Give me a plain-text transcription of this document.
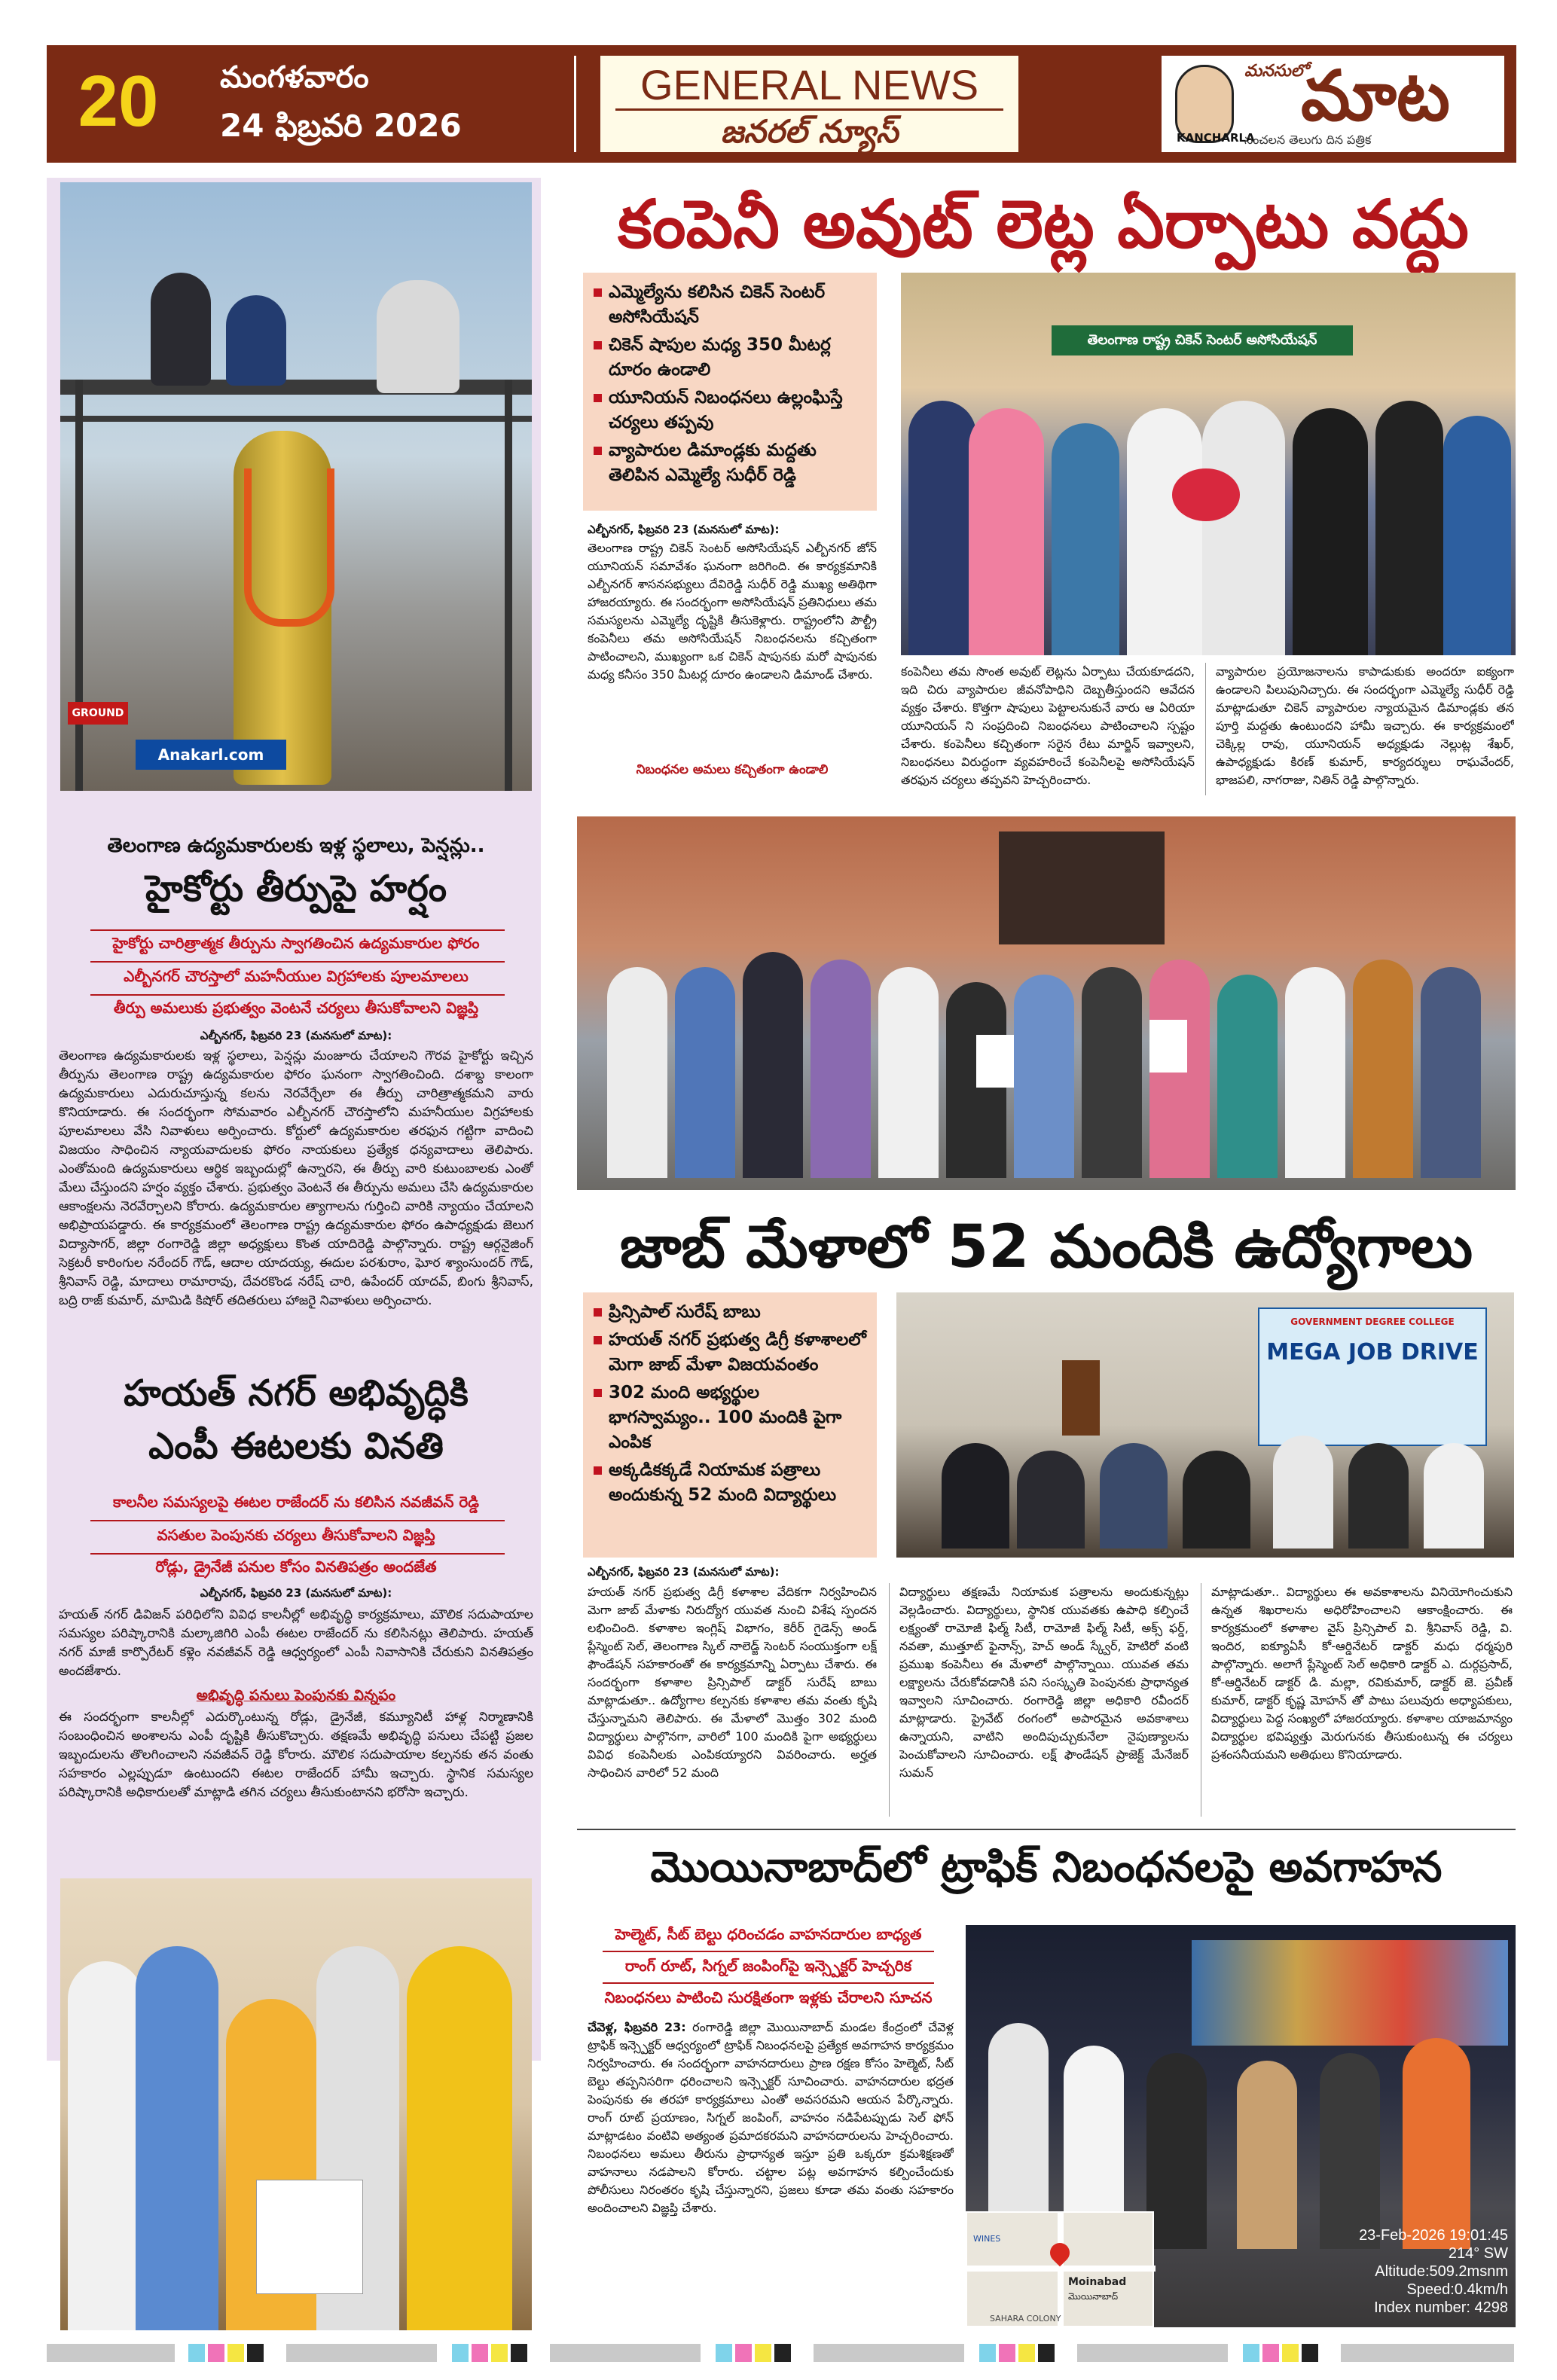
20	మంగళవారం
24 ఫిబ్రవరి 2026
GENERAL NEWS
జనరల్ న్యూస్
మనసులో
మాట
KANCHARLA
సంచలన తెలుగు దిన పత్రిక
Anakarl.com
GROUND
తెలంగాణ ఉద్యమకారులకు ఇళ్ల స్థలాలు, పెన్షన్లు..
హైకోర్టు తీర్పుపై హర్షం
హైకోర్టు చారిత్రాత్మక తీర్పును స్వాగతించిన ఉద్యమకారుల ఫోరం
ఎల్బీనగర్ చౌరస్తాలో మహనీయుల విగ్రహాలకు పూలమాలలు
తీర్పు అమలుకు ప్రభుత్వం వెంటనే చర్యలు తీసుకోవాలని విజ్ఞప్తి
ఎల్బీనగర్, ఫిబ్రవరి 23 (మనసులో మాట):
తెలంగాణ ఉద్యమకారులకు ఇళ్ల స్థలాలు, పెన్షన్లు మంజూరు చేయాలని గౌరవ హైకోర్టు ఇచ్చిన తీర్పును తెలంగాణ రాష్ట్ర ఉద్యమకారుల ఫోరం ఘనంగా స్వాగతించింది. దశాబ్ద కాలంగా ఉద్యమకారులు ఎదురుచూస్తున్న కలను నెరవేర్చేలా ఈ తీర్పు చారిత్రాత్మకమని వారు కొనియాడారు. ఈ సందర్భంగా సోమవారం ఎల్బీనగర్ చౌరస్తాలోని మహనీయుల విగ్రహాలకు పూలమాలలు వేసి నివాళులు అర్పించారు. కోర్టులో ఉద్యమకారుల తరఫున గట్టిగా వాదించి విజయం సాధించిన న్యాయవాదులకు ఫోరం నాయకులు ప్రత్యేక ధన్యవాదాలు తెలిపారు. ఎంతోమంది ఉద్యమకారులు ఆర్థిక ఇబ్బందుల్లో ఉన్నారని, ఈ తీర్పు వారి కుటుంబాలకు ఎంతో మేలు చేస్తుందని హర్షం వ్యక్తం చేశారు. ప్రభుత్వం వెంటనే ఈ తీర్పును అమలు చేసి ఉద్యమకారుల ఆకాంక్షలను నెరవేర్చాలని కోరారు. ఉద్యమకారుల త్యాగాలను గుర్తించి వారికి న్యాయం చేయాలని అభిప్రాయపడ్డారు. ఈ కార్యక్రమంలో తెలంగాణ రాష్ట్ర ఉద్యమకారుల ఫోరం ఉపాధ్యక్షుడు జెలుగ విద్యాసాగర్, జిల్లా రంగారెడ్డి జిల్లా అధ్యక్షులు కొంత యాదిరెడ్డి పాల్గొన్నారు. రాష్ట్ర ఆర్గనైజింగ్ సెక్రటరీ కారింగుల నరేందర్ గౌడ్, ఆదాల యాదయ్య, ఈదుల పరశురాం, ఘోర శ్యాంసుందర్ గౌడ్, శ్రీనివాస్ రెడ్డి, మాదాలు రామారావు, దేవరకొండ నరేష్ చారి, ఉపేందర్ యాదవ్, బింగు శ్రీనివాస్, బద్రి రాజ్ కుమార్, మామిడి కిషోర్ తదితరులు హాజరై నివాళులు అర్పించారు.
హయత్ నగర్ అభివృద్ధికి
ఎంపీ ఈటలకు వినతి
కాలనీల సమస్యలపై ఈటల రాజేందర్ ను కలిసిన నవజీవన్ రెడ్డి
వసతుల పెంపునకు చర్యలు తీసుకోవాలని విజ్ఞప్తి
రోడ్లు, డ్రైనేజీ పనుల కోసం వినతిపత్రం అందజేత
ఎల్బీనగర్, ఫిబ్రవరి 23 (మనసులో మాట):
హయత్ నగర్ డివిజన్ పరిధిలోని వివిధ కాలనీల్లో అభివృద్ధి కార్యక్రమాలు, మౌలిక సదుపాయాల సమస్యల పరిష్కారానికి మల్కాజిగిరి ఎంపీ ఈటల రాజేందర్ ను కలిసినట్లు తెలిపారు. హయత్ నగర్ మాజీ కార్పొరేటర్ కళ్లెం నవజీవన్ రెడ్డి ఆధ్వర్యంలో ఎంపీ నివాసానికి చేరుకుని వినతిపత్రం అందజేశారు.
అభివృద్ధి పనులు పెంపునకు విన్నపం
ఈ సందర్భంగా కాలనీల్లో ఎదుర్కొంటున్న రోడ్లు, డ్రైనేజీ, కమ్యూనిటీ హాళ్ల నిర్మాణానికి సంబంధించిన అంశాలను ఎంపీ దృష్టికి తీసుకొచ్చారు. తక్షణమే అభివృద్ధి పనులు చేపట్టి ప్రజల ఇబ్బందులను తొలగించాలని నవజీవన్ రెడ్డి కోరారు. మౌలిక సదుపాయాల కల్పనకు తన వంతు సహకారం ఎల్లప్పుడూ ఉంటుందని ఈటల రాజేందర్ హామీ ఇచ్చారు. స్థానిక సమస్యల పరిష్కారానికి అధికారులతో మాట్లాడి తగిన చర్యలు తీసుకుంటానని భరోసా ఇచ్చారు.
కంపెనీ అవుట్ లెట్ల ఏర్పాటు వద్దు
ఎమ్మెల్యేను కలిసిన చికెన్ సెంటర్ అసోసియేషన్
చికెన్ షాపుల మధ్య 350 మీటర్ల దూరం ఉండాలి
యూనియన్ నిబంధనలు ఉల్లంఘిస్తే చర్యలు తప్పవు
వ్యాపారుల డిమాండ్లకు మద్దతు తెలిపిన ఎమ్మెల్యే సుధీర్ రెడ్డి
తెలంగాణ రాష్ట్ర చికెన్ సెంటర్ అసోసియేషన్
ఎల్బీనగర్, ఫిబ్రవరి 23 (మనసులో మాట):
తెలంగాణ రాష్ట్ర చికెన్ సెంటర్ అసోసియేషన్ ఎల్బీనగర్ జోన్ యూనియన్ సమావేశం ఘనంగా జరిగింది. ఈ కార్యక్రమానికి ఎల్బీనగర్ శాసనసభ్యులు దేవిరెడ్డి సుధీర్ రెడ్డి ముఖ్య అతిథిగా హాజరయ్యారు. ఈ సందర్భంగా అసోసియేషన్ ప్రతినిధులు తమ సమస్యలను ఎమ్మెల్యే దృష్టికి తీసుకెళ్లారు. రాష్ట్రంలోని పౌల్ట్రీ కంపెనీలు తమ అసోసియేషన్ నిబంధనలను కచ్చితంగా పాటించాలని, ముఖ్యంగా ఒక చికెన్ షాపునకు మరో షాపునకు మధ్య కనీసం 350 మీటర్ల దూరం ఉండాలని డిమాండ్ చేశారు.
నిబంధనల అమలు కచ్చితంగా ఉండాలి
కంపెనీలు తమ సొంత అవుట్ లెట్లను ఏర్పాటు చేయకూడదని, ఇది చిరు వ్యాపారుల జీవనోపాధిని దెబ్బతీస్తుందని ఆవేదన వ్యక్తం చేశారు. కొత్తగా షాపులు పెట్టాలనుకునే వారు ఆ ఏరియా యూనియన్ ని సంప్రదించి నిబంధనలు పాటించాలని స్పష్టం చేశారు. కంపెనీలు కచ్చితంగా సరైన రేటు మార్జిన్ ఇవ్వాలని, నిబంధనలు విరుద్ధంగా వ్యవహరించే కంపెనీలపై అసోసియేషన్ తరఫున చర్యలు తప్పవని హెచ్చరించారు.
వ్యాపారుల ప్రయోజనాలను కాపాడుకుకు అందరూ ఐక్యంగా ఉండాలని పిలుపునిచ్చారు. ఈ సందర్భంగా ఎమ్మెల్యే సుధీర్ రెడ్డి మాట్లాడుతూ చికెన్ వ్యాపారుల న్యాయమైన డిమాండ్లకు తన పూర్తి మద్దతు ఉంటుందని హామీ ఇచ్చారు. ఈ కార్యక్రమంలో చెక్కిల్ల రావు, యూనియన్ అధ్యక్షుడు నెల్లుట్ల శేఖర్, ఉపాధ్యక్షుడు కిరణ్ కుమార్, కార్యదర్శులు రాఘవేందర్, భాజపలి, నాగరాజు, నితిన్ రెడ్డి పాల్గొన్నారు.
జాబ్ మేళాలో 52 మందికి ఉద్యోగాలు
ప్రిన్సిపాల్ సురేష్ బాబు
హయత్ నగర్ ప్రభుత్వ డిగ్రీ కళాశాలలో మెగా జాబ్ మేళా విజయవంతం
302 మంది అభ్యర్థుల భాగస్వామ్యం.. 100 మందికి పైగా ఎంపిక
అక్కడికక్కడే నియామక పత్రాలు అందుకున్న 52 మంది విద్యార్థులు
GOVERNMENT DEGREE COLLEGE
MEGA JOB DRIVE
ఎల్బీనగర్, ఫిబ్రవరి 23 (మనసులో మాట):
హయత్ నగర్ ప్రభుత్వ డిగ్రీ కళాశాల వేదికగా నిర్వహించిన మెగా జాబ్ మేళాకు నిరుద్యోగ యువత నుంచి విశేష స్పందన లభించింది. కళాశాల ఇంగ్లిష్ విభాగం, కెరీర్ గైడెన్స్ అండ్ ప్లేస్మెంట్ సెల్, తెలంగాణ స్కిల్ నాలెడ్జ్ సెంటర్ సంయుక్తంగా లక్ష్ ఫౌండేషన్ సహకారంతో ఈ కార్యక్రమాన్ని ఏర్పాటు చేశారు. ఈ సందర్భంగా కళాశాల ప్రిన్సిపాల్ డాక్టర్ సురేష్ బాబు మాట్లాడుతూ.. ఉద్యోగాల కల్పనకు కళాశాల తమ వంతు కృషి చేస్తున్నామని తెలిపారు. ఈ మేళాలో మొత్తం 302 మంది విద్యార్థులు పాల్గొనగా, వారిలో 100 మందికి పైగా అభ్యర్థులు వివిధ కంపెనీలకు ఎంపికయ్యారని వివరించారు. అర్హత సాధించిన వారిలో 52 మంది
విద్యార్థులు తక్షణమే నియామక పత్రాలను అందుకున్నట్లు వెల్లడించారు. విద్యార్థులు, స్థానిక యువతకు ఉపాధి కల్పించే లక్ష్యంతో రామోజీ ఫిల్మ్ సిటీ, రామోజీ ఫిల్మ్ సిటీ, అక్స్ ఫర్డ్, నవతా, ముత్తూట్ ఫైనాన్స్, హెచ్ అండ్ స్క్వేర్, హెటిరో వంటి ప్రముఖ కంపెనీలు ఈ మేళాలో పాల్గొన్నాయి. యువత తమ లక్ష్యాలను చేరుకోవడానికి పని సంస్కృతి పెంపునకు ప్రాధాన్యత ఇవ్వాలని సూచించారు. రంగారెడ్డి జిల్లా అధికారి రవీందర్ మాట్లాడారు. ప్రైవేట్ రంగంలో అపారమైన అవకాశాలు ఉన్నాయని, వాటిని అందిపుచ్చుకునేలా నైపుణ్యాలను పెంచుకోవాలని సూచించారు. లక్ష్ ఫౌండేషన్ ప్రాజెక్ట్ మేనేజర్ సుమన్
మాట్లాడుతూ.. విద్యార్థులు ఈ అవకాశాలను వినియోగించుకుని ఉన్నత శిఖరాలను అధిరోహించాలని ఆకాంక్షించారు. ఈ కార్యక్రమంలో కళాశాల వైస్ ప్రిన్సిపాల్ వి. శ్రీనివాస్ రెడ్డి, వి. ఇందిర, ఐక్యూఏసీ కో-ఆర్డినేటర్ డాక్టర్ మధు ధర్మపురి పాల్గొన్నారు. అలాగే ప్లేస్మెంట్ సెల్ అధికారి డాక్టర్ ఎ. దుర్గప్రసాద్, కో-ఆర్డినేటర్ డాక్టర్ డి. మల్లా, రవికుమార్, డాక్టర్ జె. ప్రవీణ్ కుమార్, డాక్టర్ కృష్ణ మోహన్ తో పాటు పలువురు అధ్యాపకులు, విద్యార్థులు పెద్ద సంఖ్యలో హాజరయ్యారు. కళాశాల యాజమాన్యం విద్యార్థుల భవిష్యత్తు మెరుగునకు తీసుకుంటున్న ఈ చర్యలు ప్రశంసనీయమని అతిథులు కొనియాడారు.
మొయినాబాద్‌లో ట్రాఫిక్ నిబంధనలపై అవగాహన
హెల్మెట్, సీట్ బెల్టు ధరించడం వాహనదారుల బాధ్యత
రాంగ్ రూట్, సిగ్నల్ జంపింగ్‌పై ఇన్స్పెక్టర్ హెచ్చరిక
నిబంధనలు పాటించి సురక్షితంగా ఇళ్లకు చేరాలని సూచన
చేవెళ్ల, ఫిబ్రవరి 23: రంగారెడ్డి జిల్లా మొయినాబాద్ మండల కేంద్రంలో చేవెళ్ల ట్రాఫిక్ ఇన్స్పెక్టర్ ఆధ్వర్యంలో ట్రాఫిక్ నిబంధనలపై ప్రత్యేక అవగాహన కార్యక్రమం నిర్వహించారు. ఈ సందర్భంగా వాహనదారులు ప్రాణ రక్షణ కోసం హెల్మెట్, సీట్ బెల్టు తప్పనిసరిగా ధరించాలని ఇన్స్పెక్టర్ సూచించారు. వాహనదారుల భద్రత పెంపునకు ఈ తరహా కార్యక్రమాలు ఎంతో అవసరమని ఆయన పేర్కొన్నారు. రాంగ్ రూట్ ప్రయాణం, సిగ్నల్ జంపింగ్, వాహనం నడిపేటప్పుడు సెల్ ఫోన్ మాట్లాడటం వంటివి అత్యంత ప్రమాదకరమని వాహనదారులను హెచ్చరించారు. నిబంధనలు అమలు తీరును ప్రాధాన్యత ఇస్తూ ప్రతి ఒక్కరూ క్రమశిక్షణతో వాహనాలు నడపాలని కోరారు. చట్టాల పట్ల అవగాహన కల్పించేందుకు పోలీసులు నిరంతరం కృషి చేస్తున్నారని, ప్రజలు కూడా తమ వంతు సహకారం అందించాలని విజ్ఞప్తి చేశారు.
Moinabad
మొయినాబాద్
WINES
SAHARA COLONY
23-Feb-2026 19:01:45
214° SW
Altitude:509.2msnm
Speed:0.4km/h
Index number: 4298
